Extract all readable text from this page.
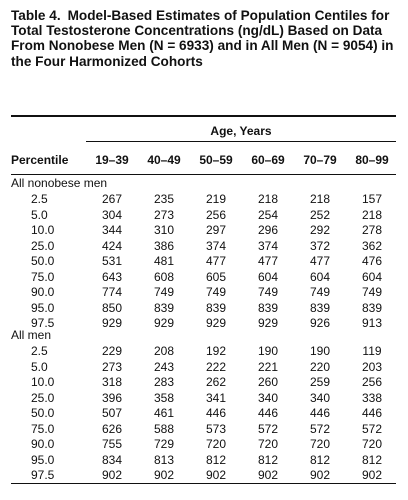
Table 4. Model-Based Estimates of Population Centiles for Total Testosterone Concentrations (ng/dL) Based on Data From Nonobese Men (N = 6933) and in All Men (N = 9054) in the Four Harmonized Cohorts

Age, Years
Percentile	19–39	40–49	50–59	60–69	70–79	80–99
All nonobese men
2.5	267	235	219	218	218	157
5.0	304	273	256	254	252	218
10.0	344	310	297	296	292	278
25.0	424	386	374	374	372	362
50.0	531	481	477	477	477	476
75.0	643	608	605	604	604	604
90.0	774	749	749	749	749	749
95.0	850	839	839	839	839	839
97.5	929	929	929	929	926	913
All men
2.5	229	208	192	190	190	119
5.0	273	243	222	221	220	203
10.0	318	283	262	260	259	256
25.0	396	358	341	340	340	338
50.0	507	461	446	446	446	446
75.0	626	588	573	572	572	572
90.0	755	729	720	720	720	720
95.0	834	813	812	812	812	812
97.5	902	902	902	902	902	902
